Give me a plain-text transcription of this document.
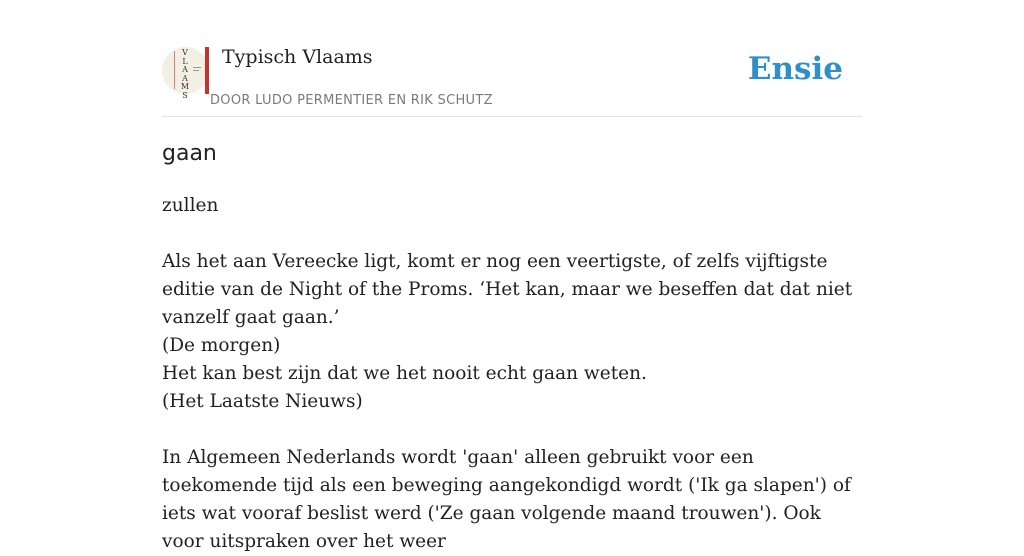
V
L
A
A
M
S
Typisch Vlaams
DOOR LUDO PERMENTIER EN RIK SCHUTZ
Ensie
gaan

zullen

Als het aan Vereecke ligt, komt er nog een veertigste, of zelfs vijftigste editie van de Night of the Proms. ‘Het kan, maar we beseffen dat dat niet vanzelf gaat gaan.’

(De morgen)

Het kan best zijn dat we het nooit echt gaan weten.

(Het Laatste Nieuws)

In Algemeen Nederlands wordt 'gaan' alleen gebruikt voor een toekomende tijd als een beweging aangekondigd wordt ('Ik ga slapen') of iets wat vooraf beslist werd ('Ze gaan volgende maand trouwen'). Ook voor uitspraken over het weer
